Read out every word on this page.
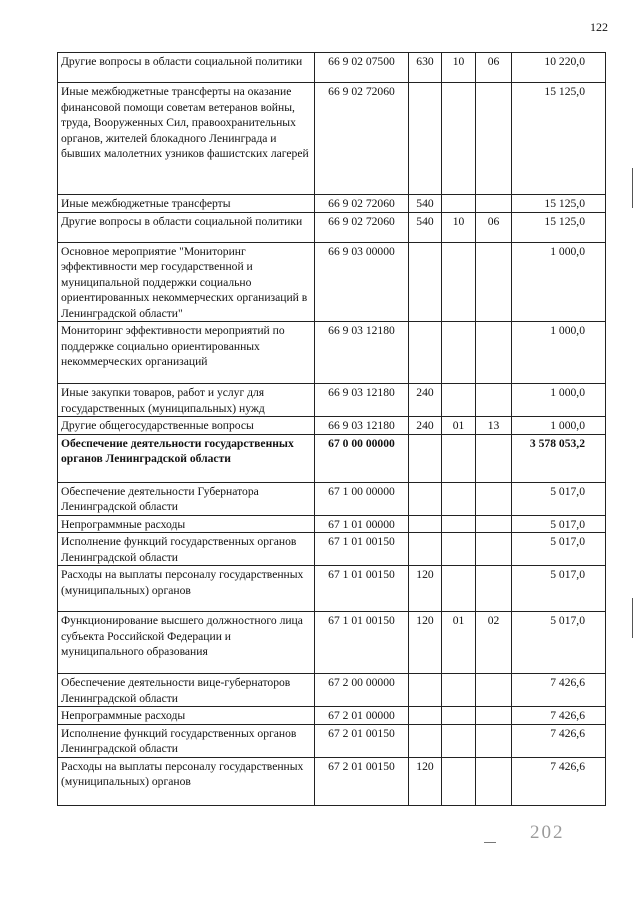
122
Другие вопросы в области социальной политики	66 9 02 07500	630	10	06	10 220,0
Иные межбюджетные трансферты на оказание финансовой помощи советам ветеранов войны, труда, Вооруженных Сил, правоохранительных органов, жителей блокадного Ленинграда и бывших малолетних узников фашистских лагерей	66 9 02 72060				15 125,0
Иные межбюджетные трансферты	66 9 02 72060	540			15 125,0
Другие вопросы в области социальной политики	66 9 02 72060	540	10	06	15 125,0
Основное мероприятие "Мониторинг эффективности мер государственной и муниципальной поддержки социально ориентированных некоммерческих организаций в Ленинградской области"	66 9 03 00000				1 000,0
Мониторинг эффективности мероприятий по поддержке социально ориентированных некоммерческих организаций	66 9 03 12180				1 000,0
Иные закупки товаров, работ и услуг для государственных (муниципальных) нужд	66 9 03 12180	240			1 000,0
Другие общегосударственные вопросы	66 9 03 12180	240	01	13	1 000,0
Обеспечение деятельности государственных органов Ленинградской области	67 0 00 00000				3 578 053,2
Обеспечение деятельности Губернатора Ленинградской области	67 1 00 00000				5 017,0
Непрограммные расходы	67 1 01 00000				5 017,0
Исполнение функций государственных органов Ленинградской области	67 1 01 00150				5 017,0
Расходы на выплаты персоналу государственных (муниципальных) органов	67 1 01 00150	120			5 017,0
Функционирование высшего должностного лица субъекта Российской Федерации и муниципального образования	67 1 01 00150	120	01	02	5 017,0
Обеспечение деятельности вице-губернаторов Ленинградской области	67 2 00 00000				7 426,6
Непрограммные расходы	67 2 01 00000				7 426,6
Исполнение функций государственных органов Ленинградской области	67 2 01 00150				7 426,6
Расходы на выплаты персоналу государственных (муниципальных) органов	67 2 01 00150	120			7 426,6
202
